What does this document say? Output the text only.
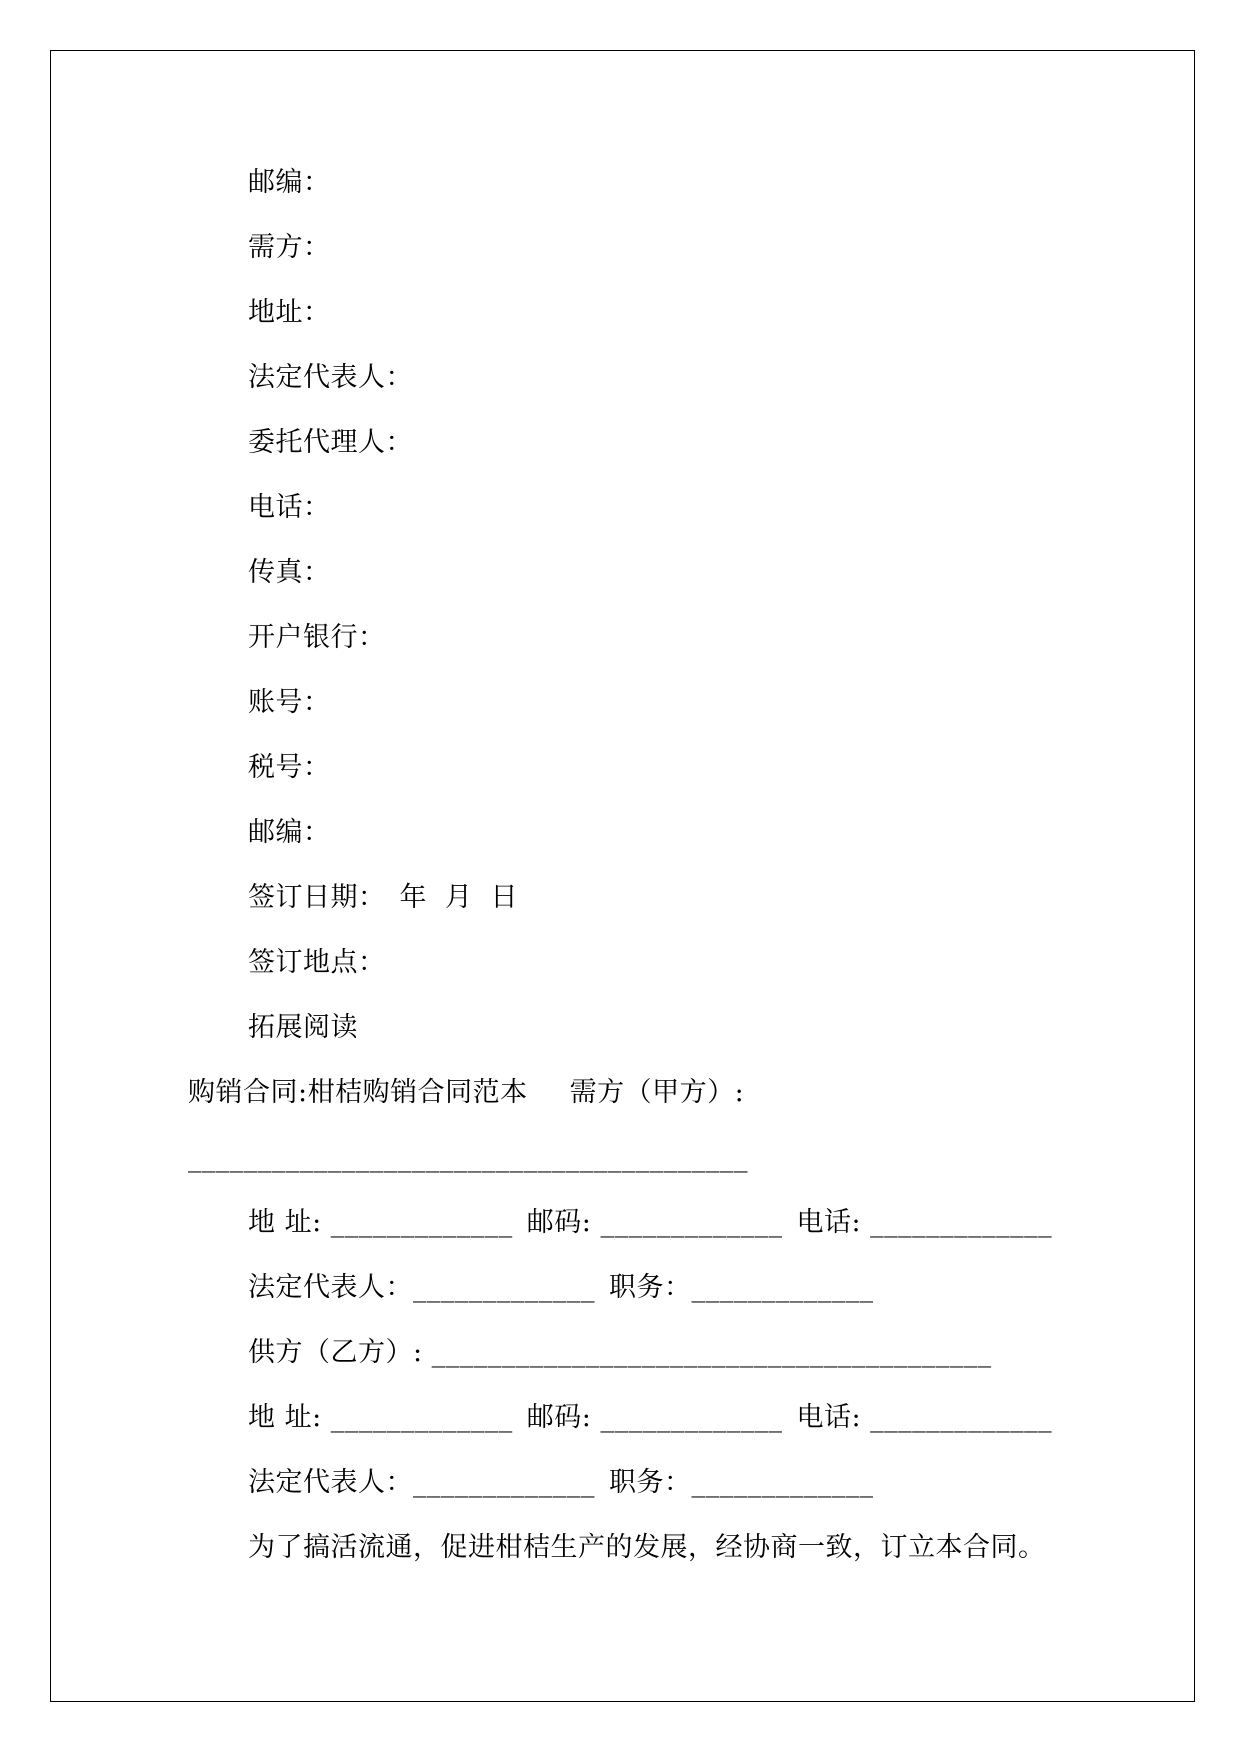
邮编：
需方：
地址：
法定代表人：
委托代理人：
电话：
传真：
开户银行：
账号：
税号：
邮编：
签订日期： 年 月 日
签订地点：
拓展阅读
购销合同:柑桔购销合同范本 需方（甲方）:
________________________________________
地 址: _____________ 邮码: _____________ 电话: _____________
法定代表人：_____________ 职务：_____________
供方（乙方）: ________________________________________
地 址: _____________ 邮码: _____________ 电话: _____________
法定代表人：_____________ 职务：_____________
为了搞活流通，促进柑桔生产的发展，经协商一致，订立本合同。
